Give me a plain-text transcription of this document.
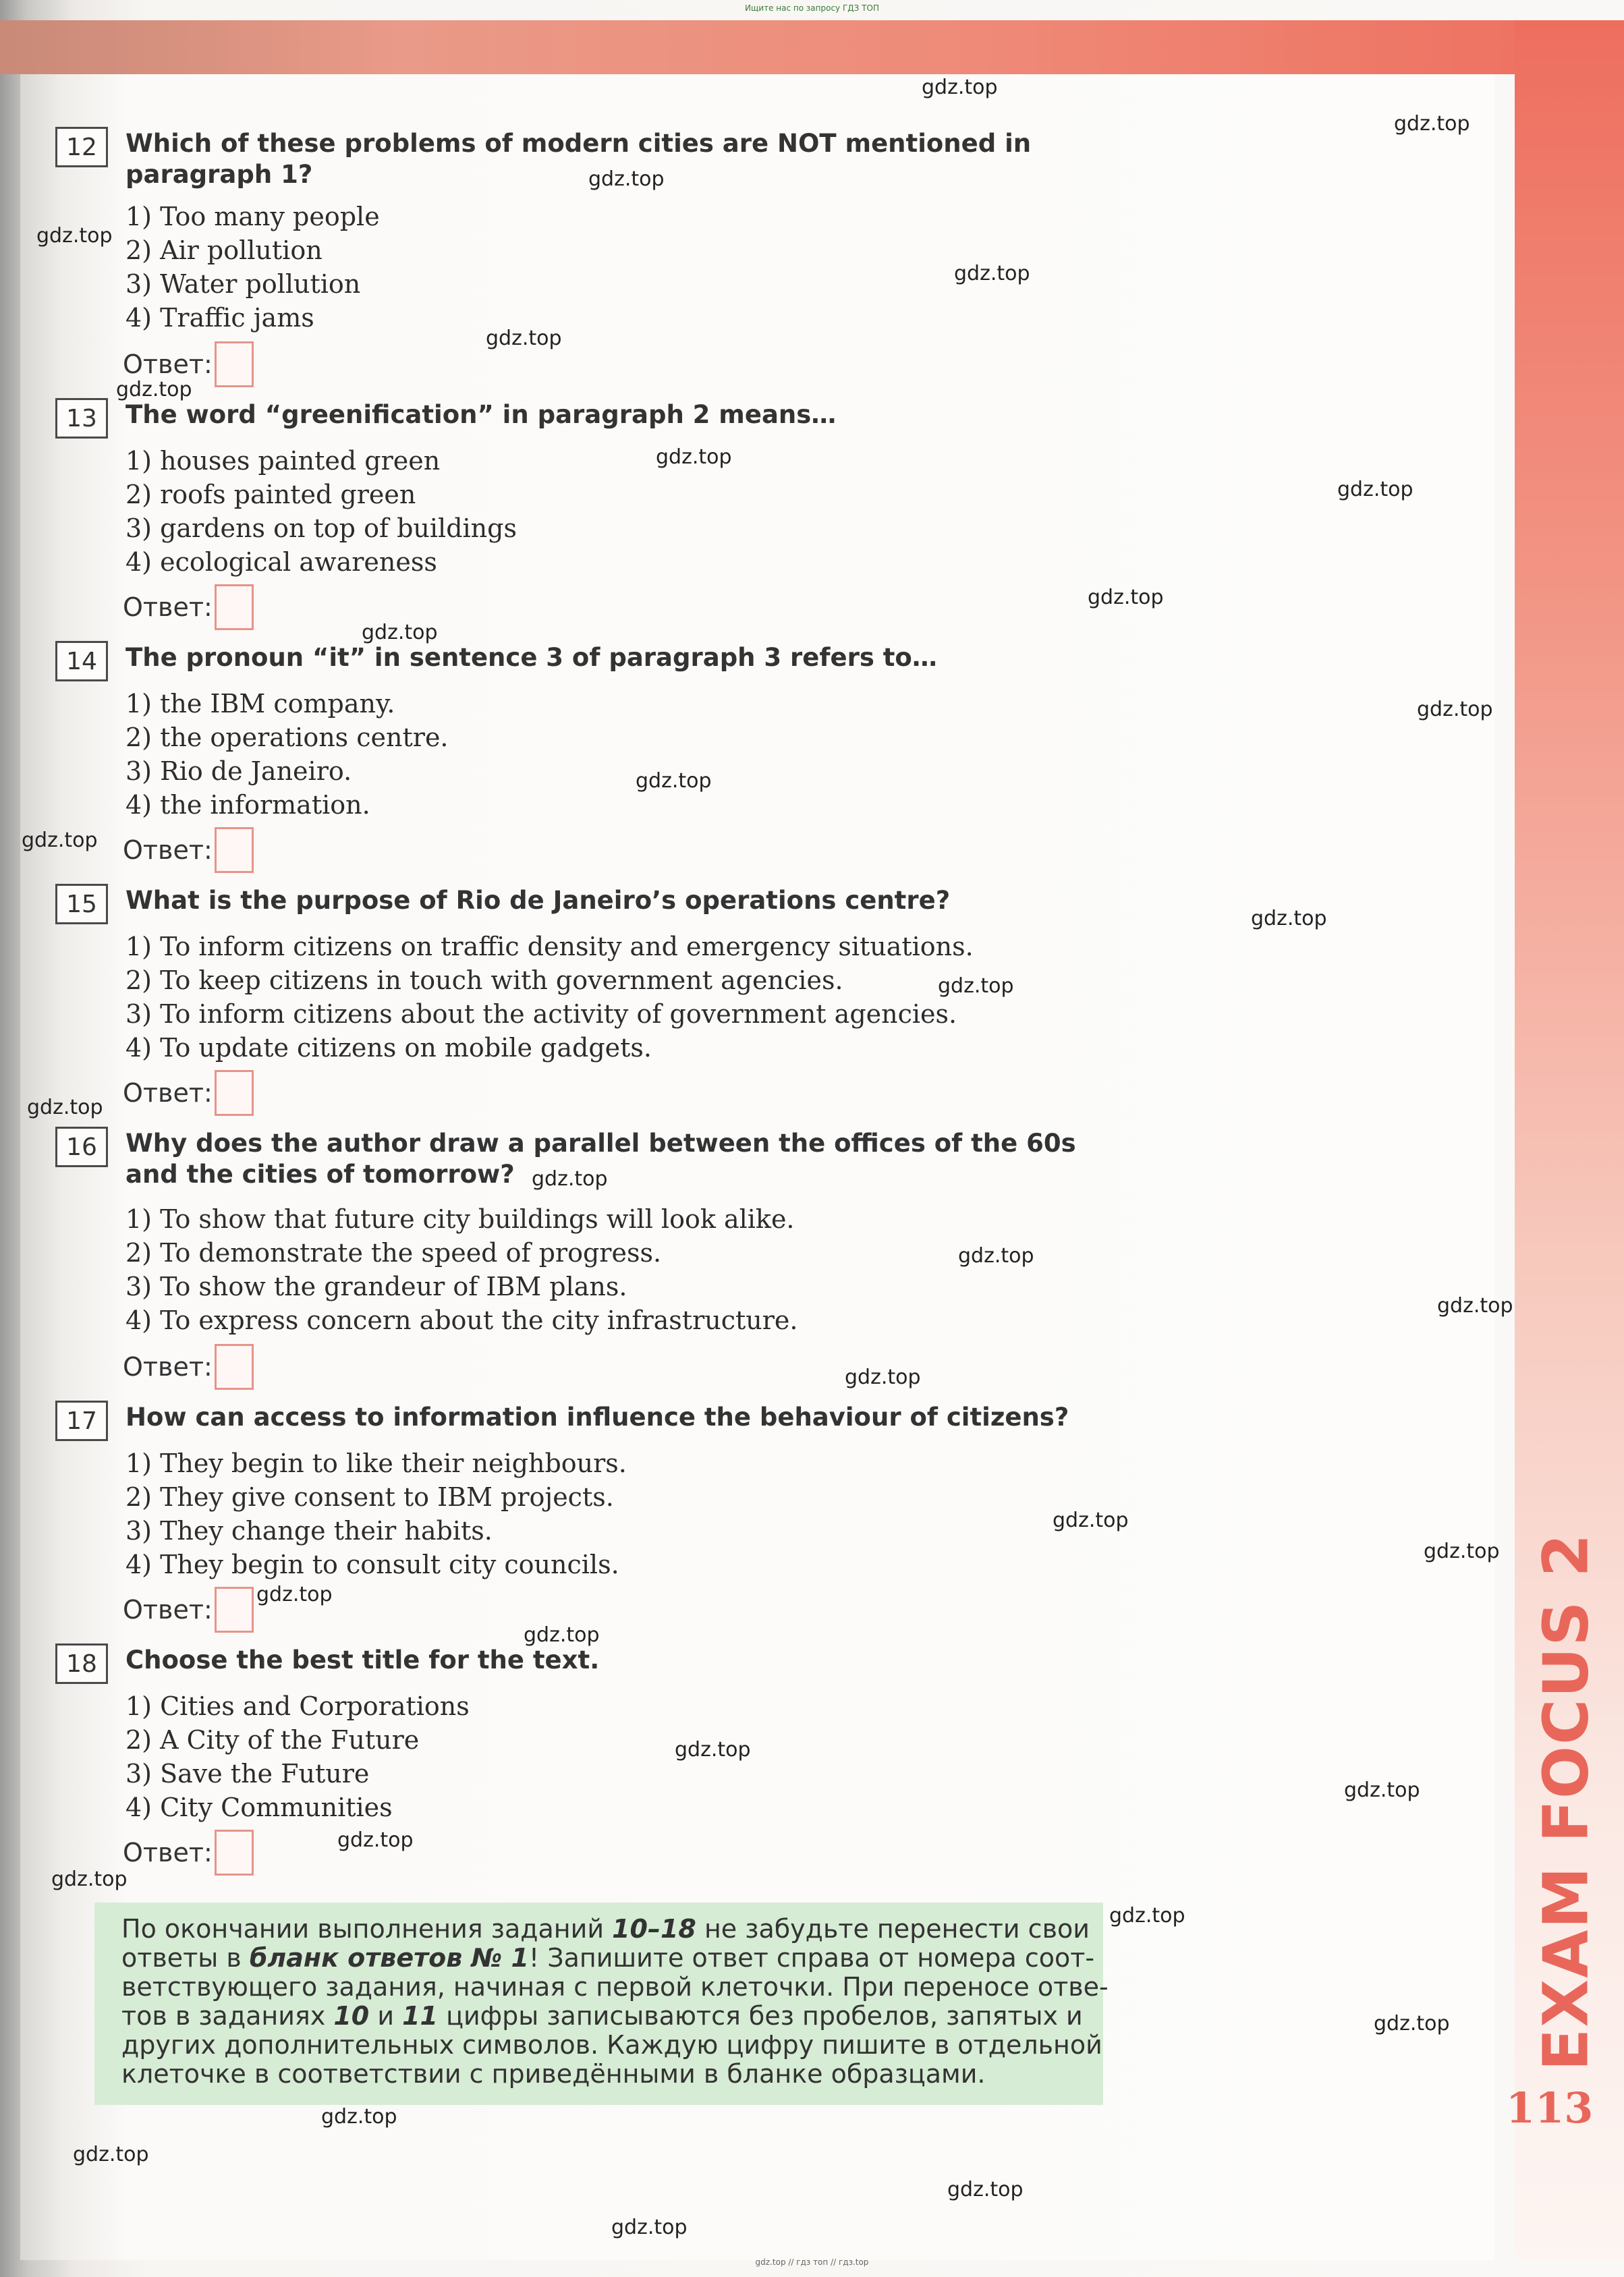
Ищите нас по запросу ГДЗ ТОП
12	Which of these problems of modern cities are NOT mentioned in paragraph 1?
1) Too many people
2) Air pollution
3) Water pollution
4) Traffic jams
Ответ:
13	The word “greenification” in paragraph 2 means…
1) houses painted green
2) roofs painted green
3) gardens on top of buildings
4) ecological awareness
Ответ:
14	The pronoun “it” in sentence 3 of paragraph 3 refers to…
1) the IBM company.
2) the operations centre.
3) Rio de Janeiro.
4) the information.
Ответ:
15	What is the purpose of Rio de Janeiro’s operations centre?
1) To inform citizens on traffic density and emergency situations.
2) To keep citizens in touch with government agencies.
3) To inform citizens about the activity of government agencies.
4) To update citizens on mobile gadgets.
Ответ:
16	Why does the author draw a parallel between the offices of the 60s and the cities of tomorrow?
1) To show that future city buildings will look alike.
2) To demonstrate the speed of progress.
3) To show the grandeur of IBM plans.
4) To express concern about the city infrastructure.
Ответ:
17	How can access to information influence the behaviour of citizens?
1) They begin to like their neighbours.
2) They give consent to IBM projects.
3) They change their habits.
4) They begin to consult city councils.
Ответ:
18	Choose the best title for the text.
1) Cities and Corporations
2) A City of the Future
3) Save the Future
4) City Communities
Ответ:
По окончании выполнения заданий 10–18 не забудьте перенести свои
ответы в бланк ответов № 1! Запишите ответ справа от номера соот-
ветствующего задания, начиная с первой клеточки. При переносе отве-
тов в заданиях 10 и 11 цифры записываются без пробелов, запятых и
других дополнительных символов. Каждую цифру пишите в отдельной
клеточке в соответствии с приведёнными в бланке образцами.
EXAM FOCUS 2
113
gdz.top
gdz.top
gdz.top
gdz.top
gdz.top
gdz.top
gdz.top
gdz.top
gdz.top
gdz.top
gdz.top
gdz.top
gdz.top
gdz.top
gdz.top
gdz.top
gdz.top
gdz.top
gdz.top
gdz.top
gdz.top
gdz.top
gdz.top
gdz.top
gdz.top
gdz.top
gdz.top
gdz.top
gdz.top
gdz.top
gdz.top
gdz.top
gdz.top
gdz.top
gdz.top
gdz.top // гдз топ // гдз.top
